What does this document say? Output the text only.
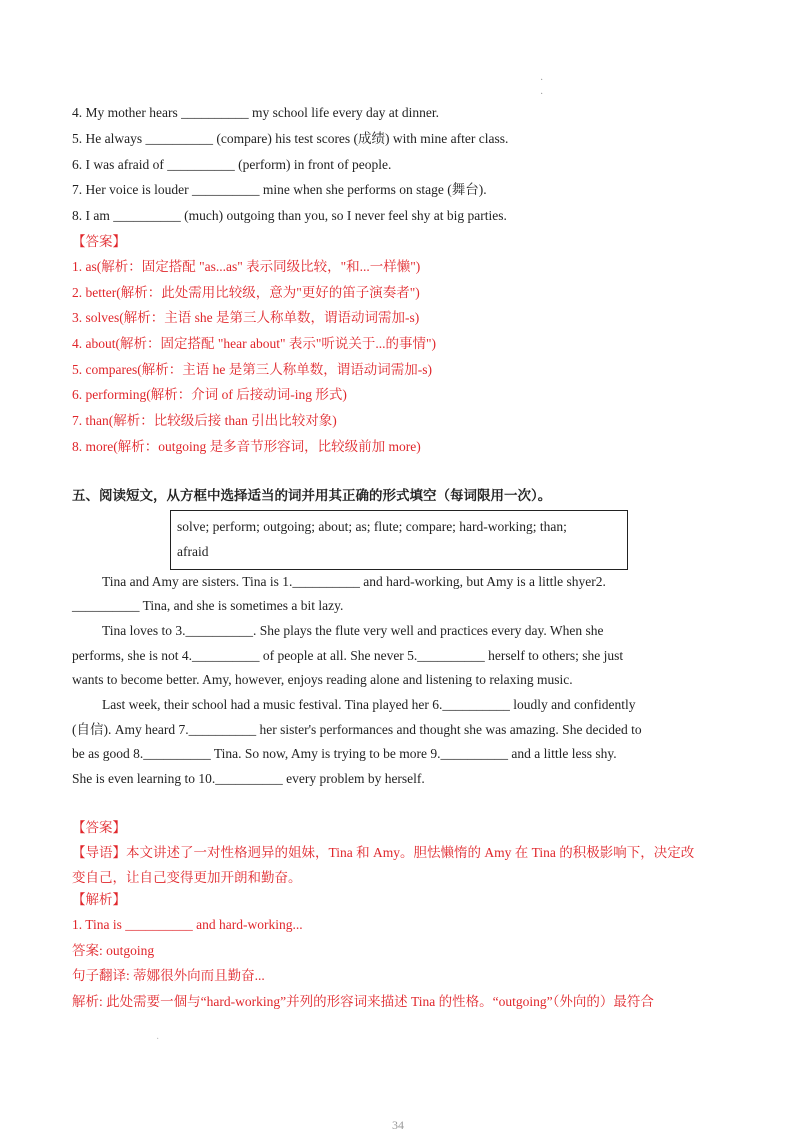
·
·
4. My mother hears __________ my school life every day at dinner.
5. He always __________ (compare) his test scores (成绩) with mine after class.
6. I was afraid of __________ (perform) in front of people.
7. Her voice is louder __________ mine when she performs on stage (舞台).
8. I am __________ (much) outgoing than you, so I never feel shy at big parties.
【答案】
1. as(解析：固定搭配 "as...as" 表示同级比较，"和...一样懒")
2. better(解析：此处需用比较级，意为"更好的笛子演奏者")
3. solves(解析：主语 she 是第三人称单数，谓语动词需加-s)
4. about(解析：固定搭配 "hear about" 表示"听说关于...的事情")
5. compares(解析：主语 he 是第三人称单数，谓语动词需加-s)
6. performing(解析：介词 of 后接动词-ing 形式)
7. than(解析：比较级后接 than 引出比较对象)
8. more(解析：outgoing 是多音节形容词，比较级前加 more)
五、阅读短文，从方框中选择适当的词并用其正确的形式填空（每词限用一次）。
solve; perform; outgoing; about; as; flute; compare; hard-working; than;
afraid
Tina and Amy are sisters. Tina is 1.__________ and hard-working, but Amy is a little shyer2.
__________ Tina, and she is sometimes a bit lazy.
Tina loves to 3.__________. She plays the flute very well and practices every day. When she
performs, she is not 4.__________ of people at all. She never 5.__________ herself to others; she just
wants to become better. Amy, however, enjoys reading alone and listening to relaxing music.
Last week, their school had a music festival. Tina played her 6.__________ loudly and confidently
(自信). Amy heard 7.__________ her sister's performances and thought she was amazing. She decided to
be as good 8.__________ Tina. So now, Amy is trying to be more 9.__________ and a little less shy.
She is even learning to 10.__________ every problem by herself.
【答案】
【导语】本文讲述了一对性格迥异的姐妹，Tina 和 Amy。胆怯懒惰的 Amy 在 Tina 的积极影响下，决定改
变自己，让自己变得更加开朗和勤奋。
【解析】
1. Tina is __________ and hard-working...
答案: outgoing
句子翻译: 蒂娜很外向而且勤奋...
解析: 此处需要一個与“hard-working”并列的形容词来描述 Tina 的性格。“outgoing”（外向的）最符合
·
34
